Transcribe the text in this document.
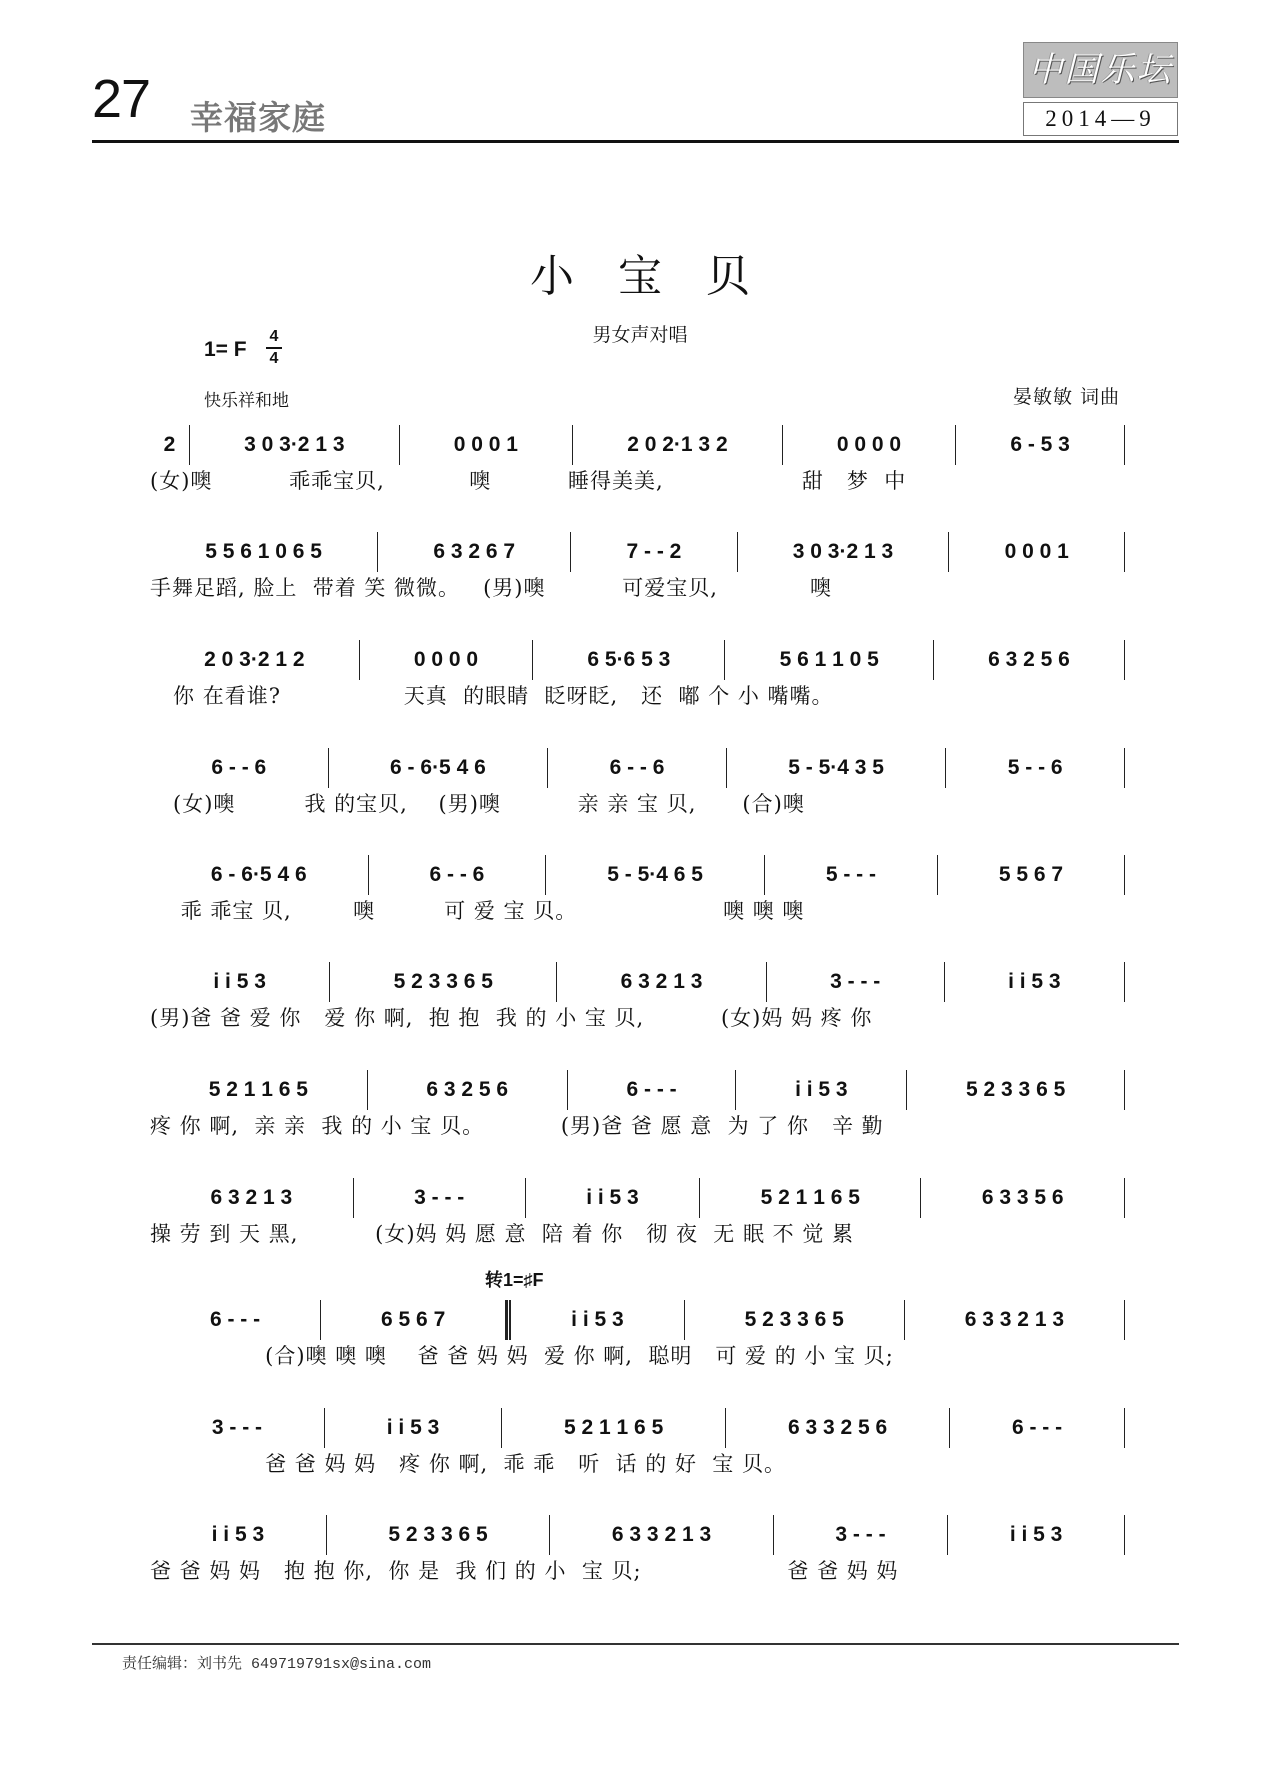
27 幸福家庭
中国乐坛
2014—9
小宝贝
男女声对唱
1= F
4
4
快乐祥和地	晏敏敏 词曲
2	3 0 3·2 1 3	0 0 0 1	2 0 2·1 3 2	0 0 0 0	6 - 5 3
(女)噢          乖乖宝贝,           噢          睡得美美,                  甜   梦  中
5 5 6 1 0 6 5	6 3 2 6 7	7 - - 2	3 0 3·2 1 3	0 0 0 1
手舞足蹈, 脸上  带着 笑 微微。   (男)噢          可爱宝贝,            噢
2 0 3·2 1 2	0 0 0 0	6 5·6 5 3	5 6 1 1 0 5	6 3 2 5 6
你 在看谁?                天真  的眼睛  眨呀眨,   还  嘟 个 小 嘴嘴。
6 - - 6	6 - 6·5 4 6	6 - - 6	5 - 5·4 3 5	5 - - 6
(女)噢         我 的宝贝,    (男)噢          亲 亲 宝 贝,      (合)噢
6 - 6·5 4 6	6 - - 6	5 - 5·4 6 5	5 - - -	5 5 6 7
乖 乖宝 贝,        噢         可 爱 宝 贝。                   噢 噢 噢
i i 5 3	5 2 3 3 6 5	6 3 2 1 3	3 - - -	i i 5 3
(男)爸 爸 爱 你   爱 你 啊,  抱 抱  我 的 小 宝 贝,          (女)妈 妈 疼 你
5 2 1 1 6 5	6 3 2 5 6	6 - - -	i i 5 3	5 2 3 3 6 5
疼 你 啊,  亲 亲  我 的 小 宝 贝。          (男)爸 爸 愿 意  为 了 你   辛 勤
6 3 2 1 3	3 - - -	i i 5 3	5 2 1 1 6 5	6 3 3 5 6
操 劳 到 天 黑,          (女)妈 妈 愿 意  陪 着 你   彻 夜  无 眠 不 觉 累
6 - - -	6 5 6 7	i i 5 3	5 2 3 3 6 5	6 3 3 2 1 3
转1=♯F
(合)噢 噢 噢    爸 爸 妈 妈  爱 你 啊,  聪明   可 爱 的 小 宝 贝;
3 - - -	i i 5 3	5 2 1 1 6 5	6 3 3 2 5 6	6 - - -
爸 爸 妈 妈   疼 你 啊,  乖 乖   听  话 的 好  宝 贝。
i i 5 3	5 2 3 3 6 5	6 3 3 2 1 3	3 - - -	i i 5 3
爸 爸 妈 妈   抱 抱 你,  你 是  我 们 的 小  宝 贝;                   爸 爸 妈 妈
责任编辑：刘书先 649719791sx@sina.com
